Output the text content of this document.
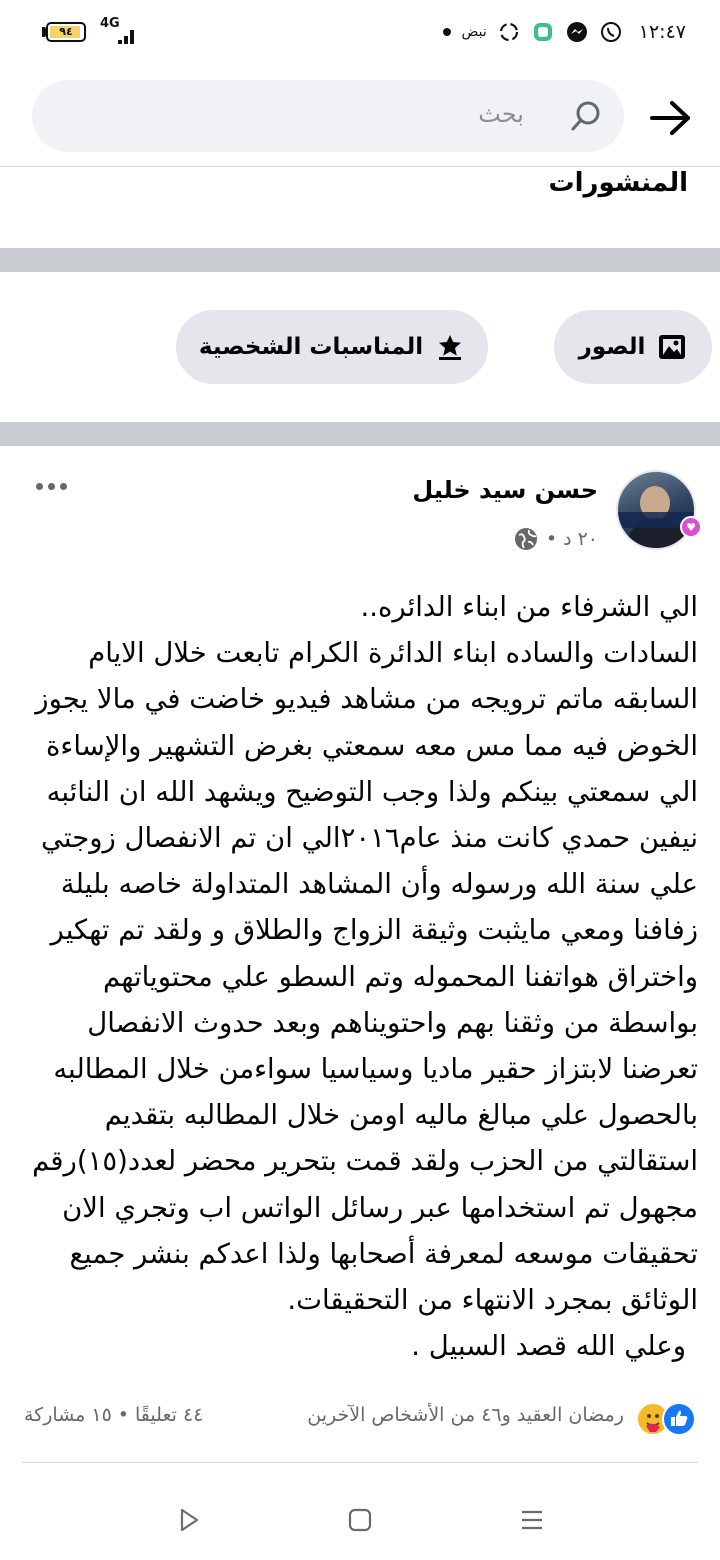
٩٤
4G
نبض	١٢:٤٧
بحث
المنشورات
الصور
المناسبات الشخصية
♥
حسن سيد خليل
٢٠ د •

الي الشرفاء من ابناء الدائره..

السادات والساده ابناء الدائرة الكرام تابعت خلال الايام السابقه ماتم ترويجه من مشاهد فيديو خاضت في مالا يجوز الخوض فيه مما مس معه سمعتي بغرض التشهير والإساءة الي سمعتي بينكم ولذا وجب التوضيح ويشهد الله ان النائبه نيفين حمدي كانت منذ عام٢٠١٦الي ان تم الانفصال زوجتي علي سنة الله ورسوله وأن المشاهد المتداولة خاصه بليلة زفافنا ومعي مايثبت وثيقة الزواج والطلاق و ولقد تم تهكير واختراق هواتفنا المحموله وتم السطو علي محتوياتهم بواسطة من وثقنا بهم واحتويناهم وبعد حدوث الانفصال تعرضنا لابتزاز حقير ماديا وسياسيا سواءمن خلال المطالبه بالحصول علي مبالغ ماليه اومن خلال المطالبه بتقديم استقالتي من الحزب ولقد قمت بتحرير محضر لعدد(١٥)رقم مجهول تم استخدامها عبر رسائل الواتس اب وتجري الان تحقيقات موسعه لمعرفة أصحابها ولذا اعدكم بنشر جميع الوثائق بمجرد الانتهاء من التحقيقات.

وعلي الله قصد السبيل .

رمضان العقيد و٤٦ من الأشخاص الآخرين
٤٤ تعليقًا
•
١٥ مشاركة
